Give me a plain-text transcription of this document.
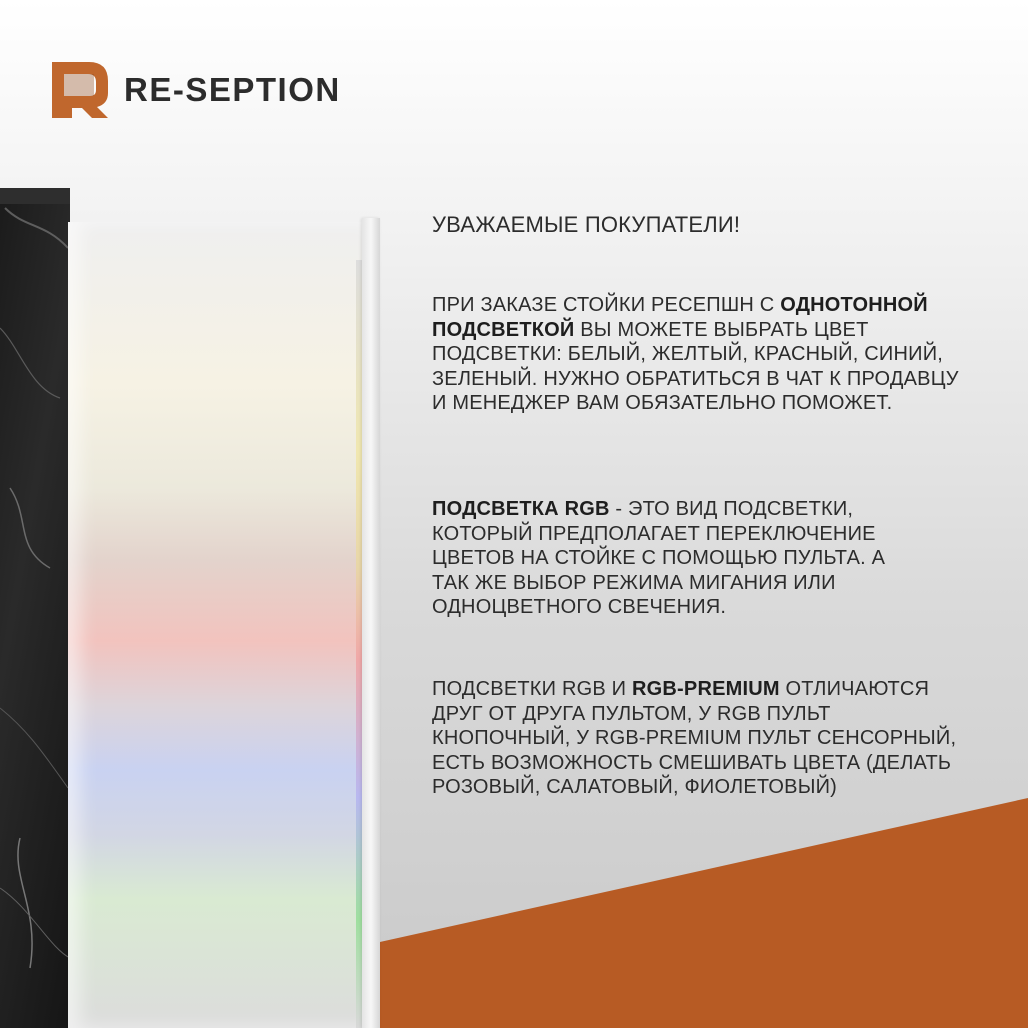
RE-SEPTION
УВАЖАЕМЫЕ ПОКУПАТЕЛИ!
ПРИ ЗАКАЗЕ СТОЙКИ РЕСЕПШН С ОДНОТОННОЙ ПОДСВЕТКОЙ ВЫ МОЖЕТЕ ВЫБРАТЬ ЦВЕТ ПОДСВЕТКИ: БЕЛЫЙ, ЖЕЛТЫЙ, КРАСНЫЙ, СИНИЙ, ЗЕЛЕНЫЙ. НУЖНО ОБРАТИТЬСЯ В ЧАТ К ПРОДАВЦУ И МЕНЕДЖЕР ВАМ ОБЯЗАТЕЛЬНО ПОМОЖЕТ.
ПОДСВЕТКА RGB - ЭТО ВИД ПОДСВЕТКИ, КОТОРЫЙ ПРЕДПОЛАГАЕТ ПЕРЕКЛЮЧЕНИЕ ЦВЕТОВ НА СТОЙКЕ С ПОМОЩЬЮ ПУЛЬТА. А ТАК ЖЕ ВЫБОР РЕЖИМА МИГАНИЯ ИЛИ ОДНОЦВЕТНОГО СВЕЧЕНИЯ.
ПОДСВЕТКИ RGB И RGB-PREMIUM ОТЛИЧАЮТСЯ ДРУГ ОТ ДРУГА ПУЛЬТОМ, У RGB ПУЛЬТ КНОПОЧНЫЙ, У RGB-PREMIUM ПУЛЬТ СЕНСОРНЫЙ, ЕСТЬ ВОЗМОЖНОСТЬ СМЕШИВАТЬ ЦВЕТА (ДЕЛАТЬ РОЗОВЫЙ, САЛАТОВЫЙ, ФИОЛЕТОВЫЙ)
